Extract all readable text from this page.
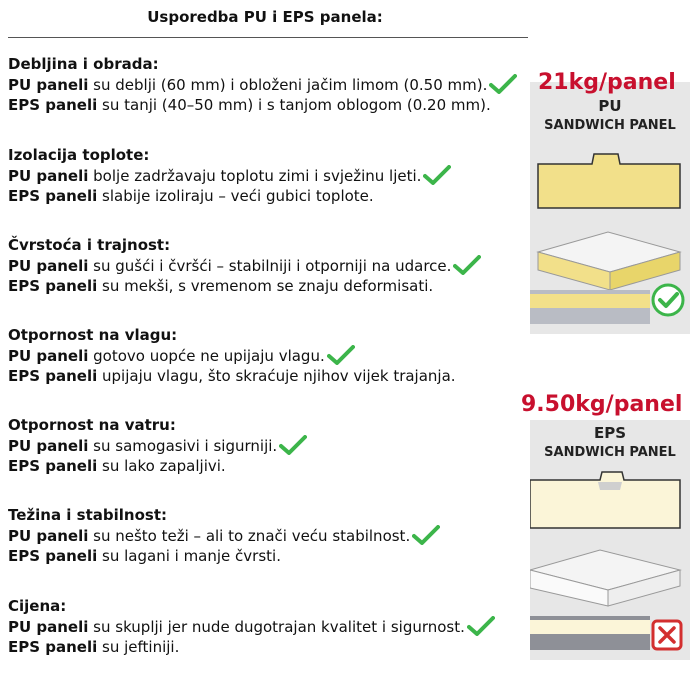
Usporedba PU i EPS panela:
Debljina i obrada:
PU paneli su deblji (60 mm) i obloženi jačim limom (0.50 mm).
EPS paneli su tanji (40–50 mm) i s tanjom oblogom (0.20 mm).
Izolacija toplote:
PU paneli bolje zadržavaju toplotu zimi i svježinu ljeti.
EPS paneli slabije izoliraju – veći gubici toplote.
Čvrstoća i trajnost:
PU paneli su gušći i čvršći – stabilniji i otporniji na udarce.
EPS paneli su mekši, s vremenom se znaju deformisati.
Otpornost na vlagu:
PU paneli gotovo uopće ne upijaju vlagu.
EPS paneli upijaju vlagu, što skraćuje njihov vijek trajanja.
Otpornost na vatru:
PU paneli su samogasivi i sigurniji.
EPS paneli su lako zapaljivi.
Težina i stabilnost:
PU paneli su nešto teži – ali to znači veću stabilnost.
EPS paneli su lagani i manje čvrsti.
Cijena:
PU paneli su skuplji jer nude dugotrajan kvalitet i sigurnost.
EPS paneli su jeftiniji.
21kg/panel
PU
SANDWICH PANEL
9.50kg/panel
EPS
SANDWICH PANEL
